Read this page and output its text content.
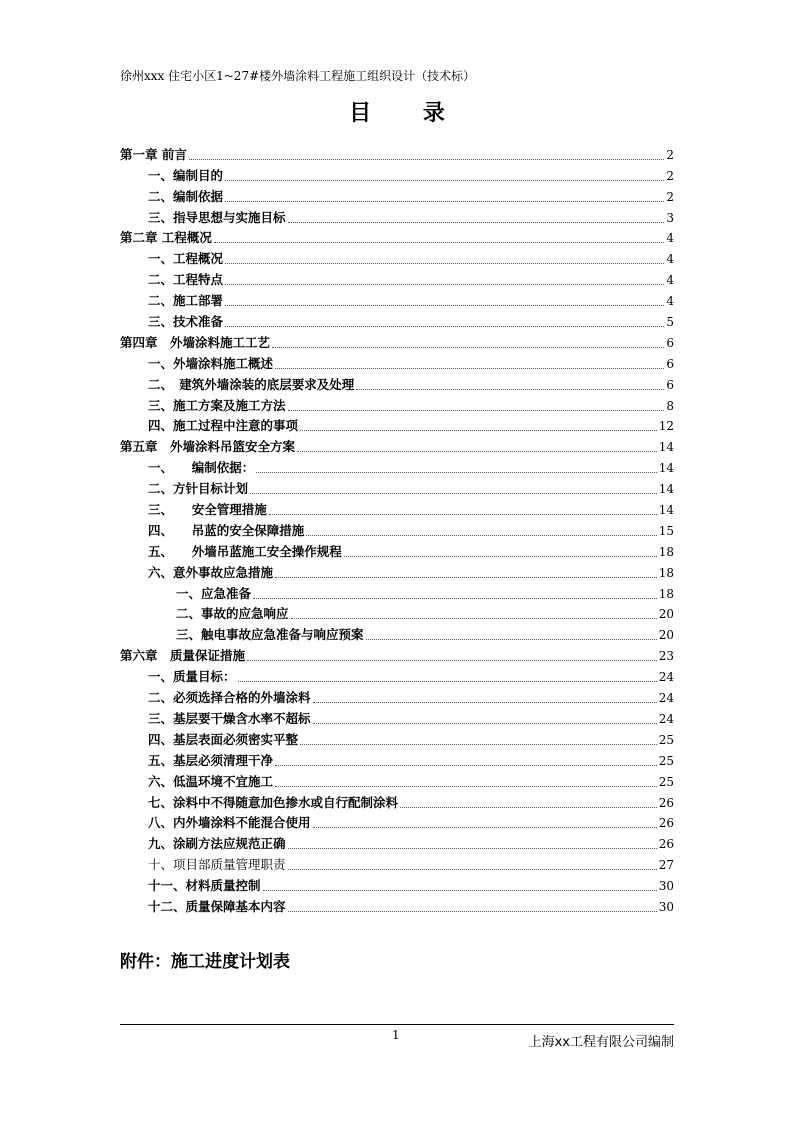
徐州xxx 住宅小区1~27#楼外墙涂料工程施工组织设计（技术标）
目 录
第一章 前言	2
一、编制目的	2
二、编制依据	2
三、指导思想与实施目标	3
第二章 工程概况	4
一、工程概况	4
二、工程特点	4
二、施工部署	4
三、技术准备	5
第四章　外墙涂料施工工艺	6
一、外墙涂料施工概述	6
二、　建筑外墙涂装的底层要求及处理	6
三、施工方案及施工方法	8
四、施工过程中注意的事项	12
第五章　外墙涂料吊篮安全方案	14
一、　　编制依据：	14
二、方针目标计划	14
三、　　安全管理措施	14
四、　　吊蓝的安全保障措施	15
五、　　外墙吊蓝施工安全操作规程	18
六、意外事故应急措施	18
一、应急准备	18
二、事故的应急响应	20
三、触电事故应急准备与响应预案	20
第六章　质量保证措施	23
一、质量目标：	24
二、必须选择合格的外墙涂料	24
三、基层要干燥含水率不超标	24
四、基层表面必须密实平整	25
五、基层必须清理干净	25
六、低温环境不宜施工	25
七、涂料中不得随意加色掺水或自行配制涂料	26
八、内外墙涂料不能混合使用	26
九、涂刷方法应规范正确	26
十、项目部质量管理职责	27
十一、材料质量控制	30
十二、质量保障基本内容	30
附件：施工进度计划表
1	上海xx工程有限公司编制
